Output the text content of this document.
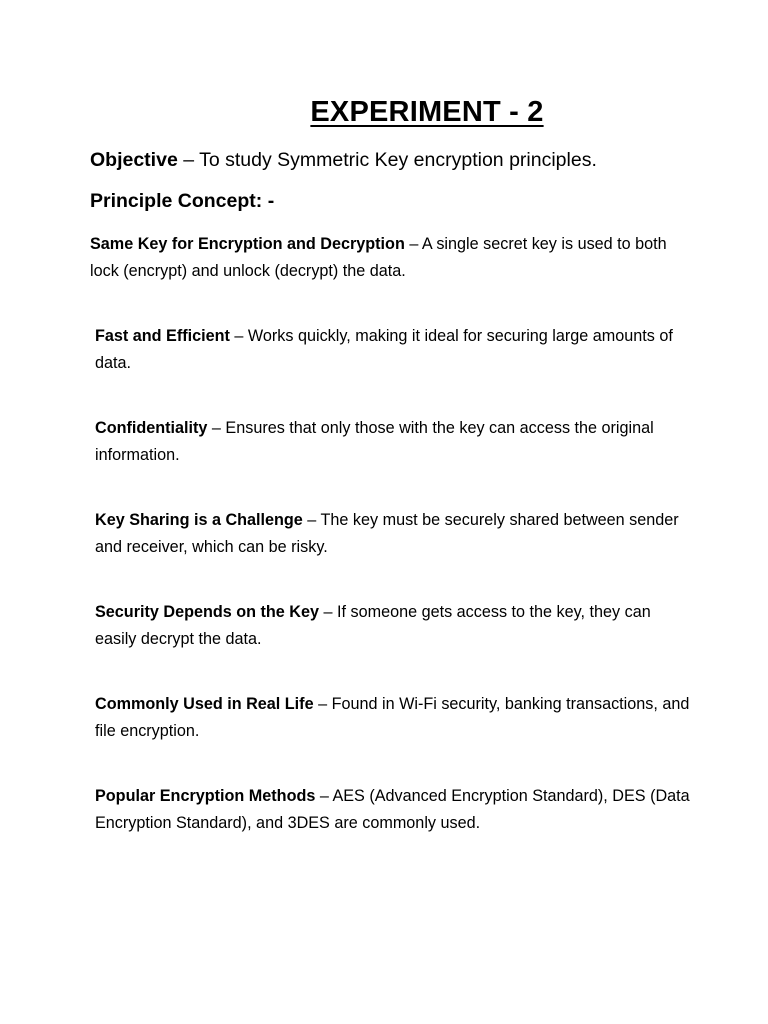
EXPERIMENT - 2
Objective – To study Symmetric Key encryption principles.
Principle Concept: -
Same Key for Encryption and Decryption – A single secret key is used to both lock (encrypt) and unlock (decrypt) the data.
Fast and Efficient – Works quickly, making it ideal for securing large amounts of data.
Confidentiality – Ensures that only those with the key can access the original information.
Key Sharing is a Challenge – The key must be securely shared between sender and receiver, which can be risky.
Security Depends on the Key – If someone gets access to the key, they can easily decrypt the data.
Commonly Used in Real Life – Found in Wi-Fi security, banking transactions, and file encryption.
Popular Encryption Methods – AES (Advanced Encryption Standard), DES (Data Encryption Standard), and 3DES are commonly used.
